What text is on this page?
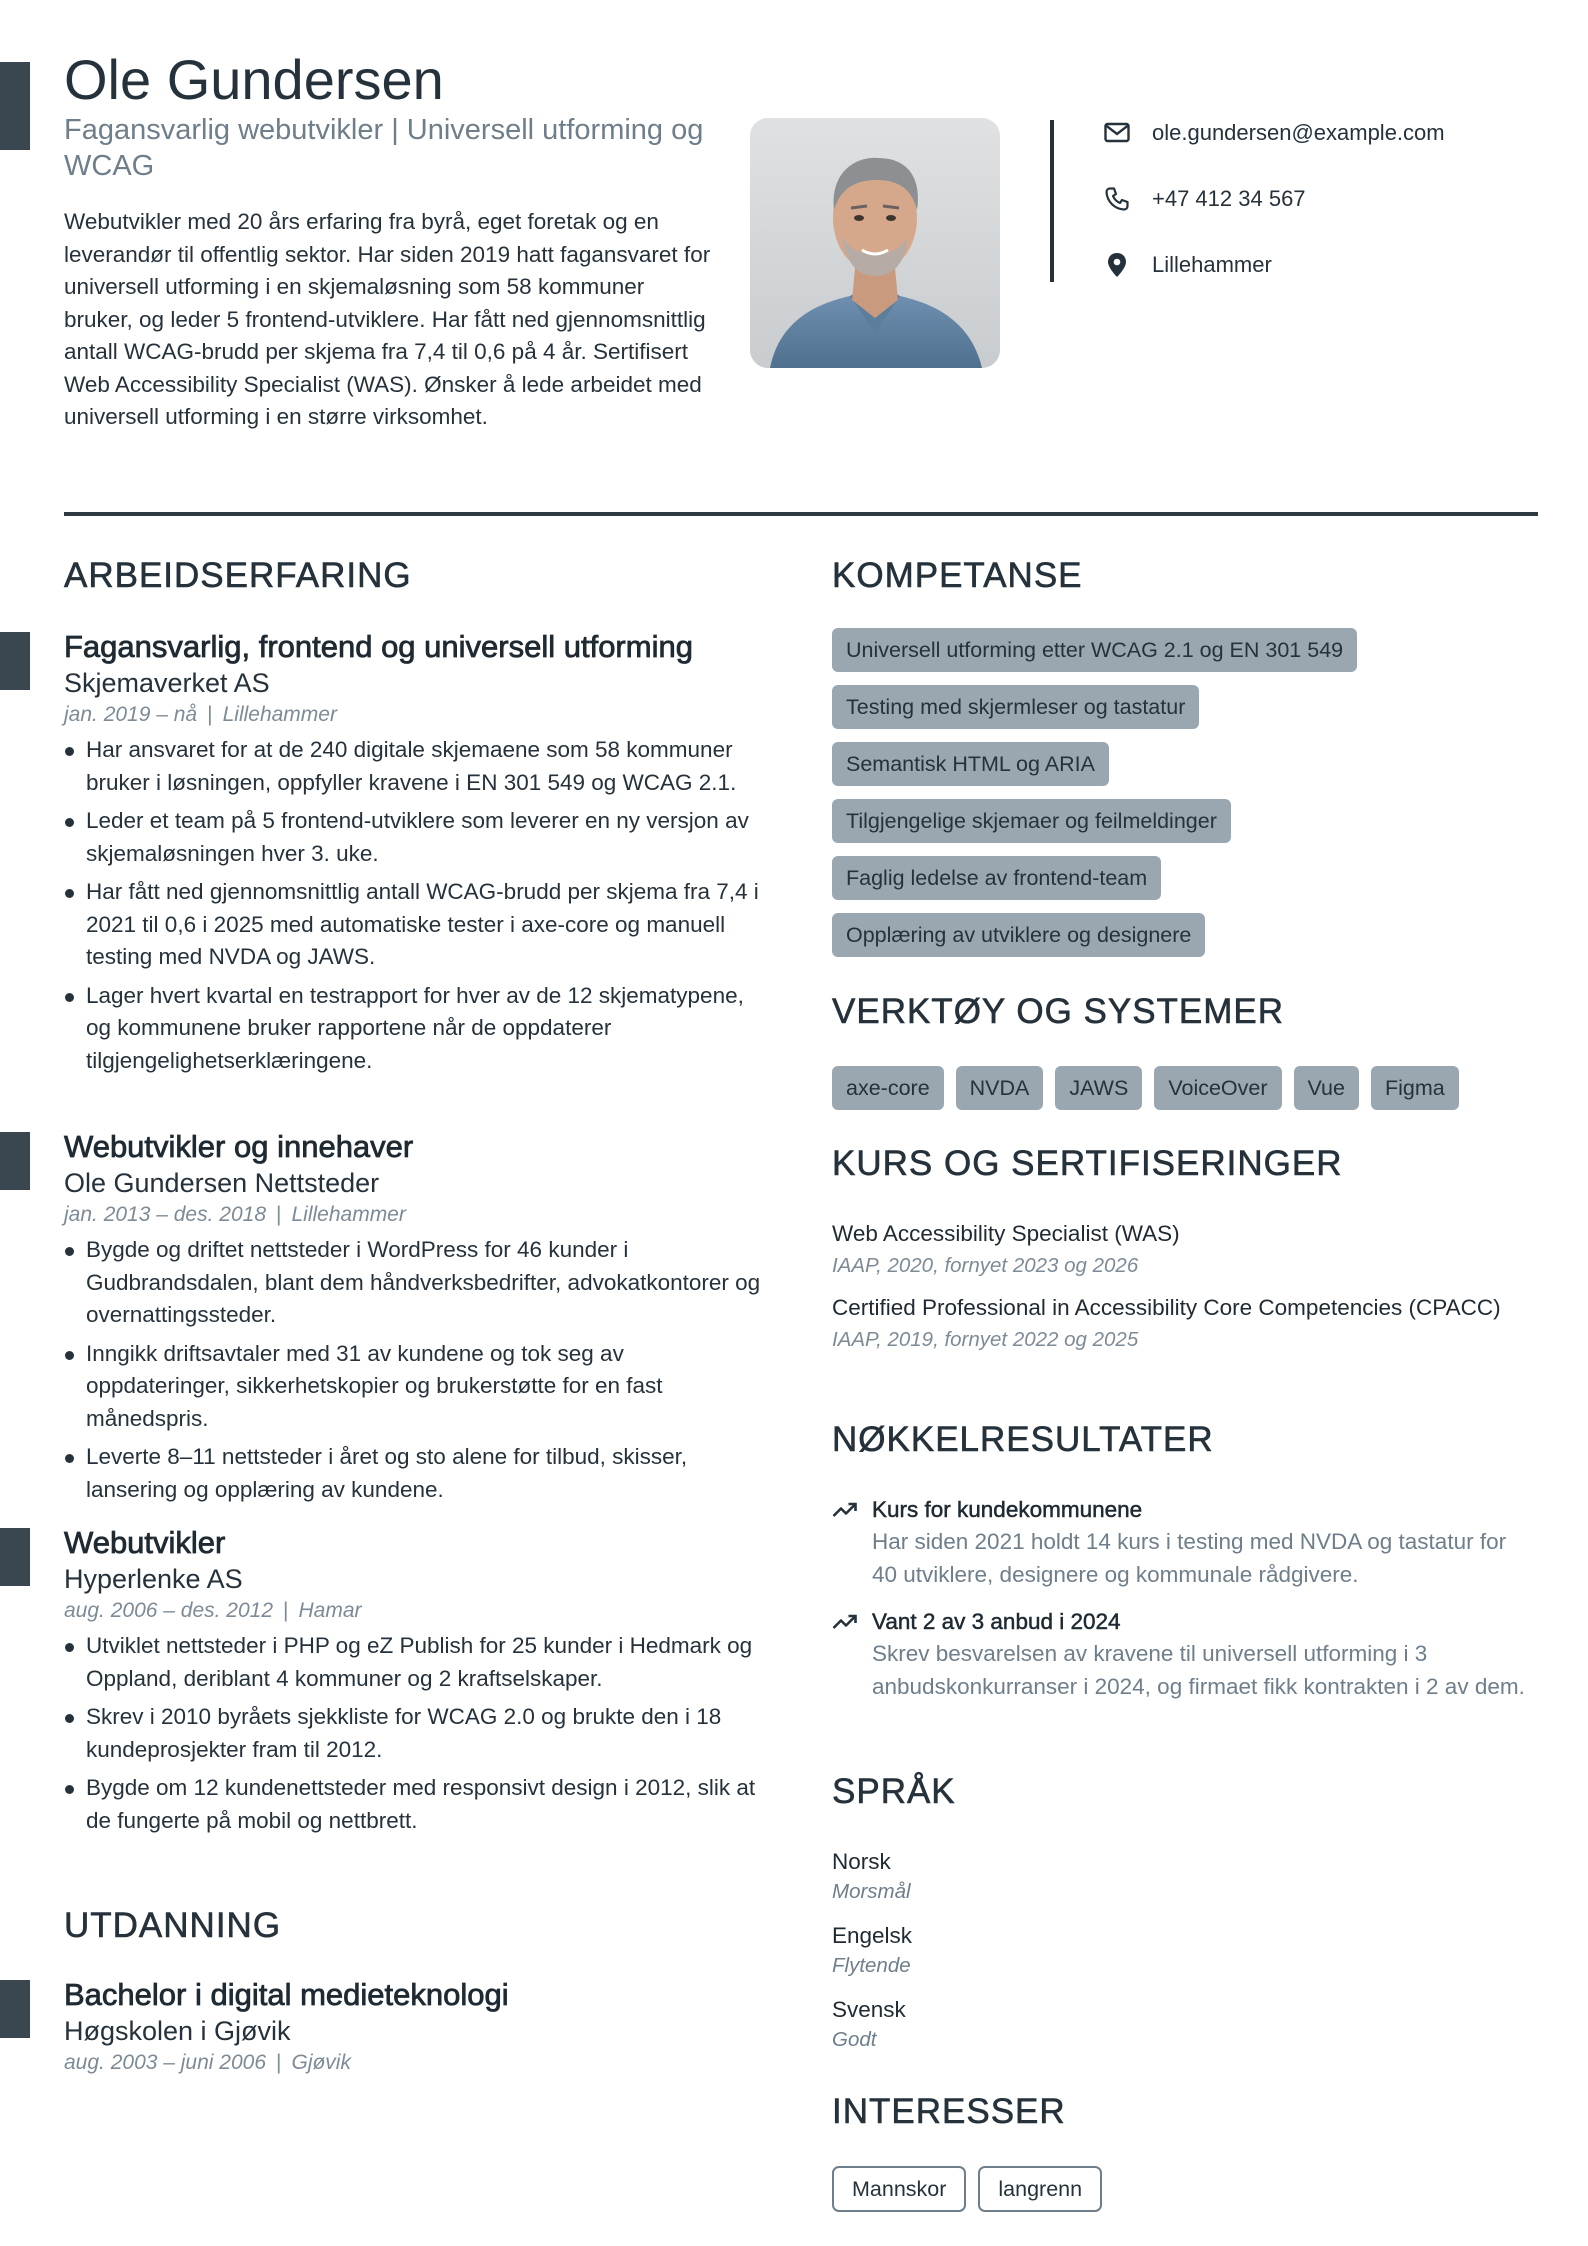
Ole Gundersen
Fagansvarlig webutvikler | Universell utforming og WCAG
Webutvikler med 20 års erfaring fra byrå, eget foretak og en leverandør til offentlig sektor. Har siden 2019 hatt fagansvaret for universell utforming i en skjemaløsning som 58 kommuner bruker, og leder 5 frontend-utviklere. Har fått ned gjennomsnittlig antall WCAG-brudd per skjema fra 7,4 til 0,6 på 4 år. Sertifisert Web Accessibility Specialist (WAS). Ønsker å lede arbeidet med universell utforming i en større virksomhet.
ole.gundersen@example.com
+47 412 34 567
Lillehammer
ARBEIDSERFARING
Fagansvarlig, frontend og universell utforming
Skjemaverket AS
jan. 2019 – nå | Lillehammer
Har ansvaret for at de 240 digitale skjemaene som 58 kommuner bruker i løsningen, oppfyller kravene i EN 301 549 og WCAG 2.1.
Leder et team på 5 frontend-utviklere som leverer en ny versjon av skjemaløsningen hver 3. uke.
Har fått ned gjennomsnittlig antall WCAG-brudd per skjema fra 7,4 i 2021 til 0,6 i 2025 med automatiske tester i axe-core og manuell testing med NVDA og JAWS.
Lager hvert kvartal en testrapport for hver av de 12 skjematypene, og kommunene bruker rapportene når de oppdaterer tilgjengelighetserklæringene.
Webutvikler og innehaver
Ole Gundersen Nettsteder
jan. 2013 – des. 2018 | Lillehammer
Bygde og driftet nettsteder i WordPress for 46 kunder i Gudbrandsdalen, blant dem håndverksbedrifter, advokatkontorer og overnattingssteder.
Inngikk driftsavtaler med 31 av kundene og tok seg av oppdateringer, sikkerhetskopier og brukerstøtte for en fast månedspris.
Leverte 8–11 nettsteder i året og sto alene for tilbud, skisser, lansering og opplæring av kundene.
Webutvikler
Hyperlenke AS
aug. 2006 – des. 2012 | Hamar
Utviklet nettsteder i PHP og eZ Publish for 25 kunder i Hedmark og Oppland, deriblant 4 kommuner og 2 kraftselskaper.
Skrev i 2010 byråets sjekkliste for WCAG 2.0 og brukte den i 18 kundeprosjekter fram til 2012.
Bygde om 12 kundenettsteder med responsivt design i 2012, slik at de fungerte på mobil og nettbrett.
UTDANNING
Bachelor i digital medieteknologi
Høgskolen i Gjøvik
aug. 2003 – juni 2006 | Gjøvik
KOMPETANSE
Universell utforming etter WCAG 2.1 og EN 301 549
Testing med skjermleser og tastatur
Semantisk HTML og ARIA
Tilgjengelige skjemaer og feilmeldinger
Faglig ledelse av frontend-team
Opplæring av utviklere og designere
VERKTØY OG SYSTEMER
axe-core	NVDA	JAWS	VoiceOver	Vue	Figma
KURS OG SERTIFISERINGER
Web Accessibility Specialist (WAS)
IAAP, 2020, fornyet 2023 og 2026
Certified Professional in Accessibility Core Competencies (CPACC)
IAAP, 2019, fornyet 2022 og 2025
NØKKELRESULTATER
Kurs for kundekommunene
Har siden 2021 holdt 14 kurs i testing med NVDA og tastatur for 40 utviklere, designere og kommunale rådgivere.
Vant 2 av 3 anbud i 2024
Skrev besvarelsen av kravene til universell utforming i 3 anbudskonkurranser i 2024, og firmaet fikk kontrakten i 2 av dem.
SPRÅK
Norsk
Morsmål
Engelsk
Flytende
Svensk
Godt
INTERESSER
Mannskor	langrenn
